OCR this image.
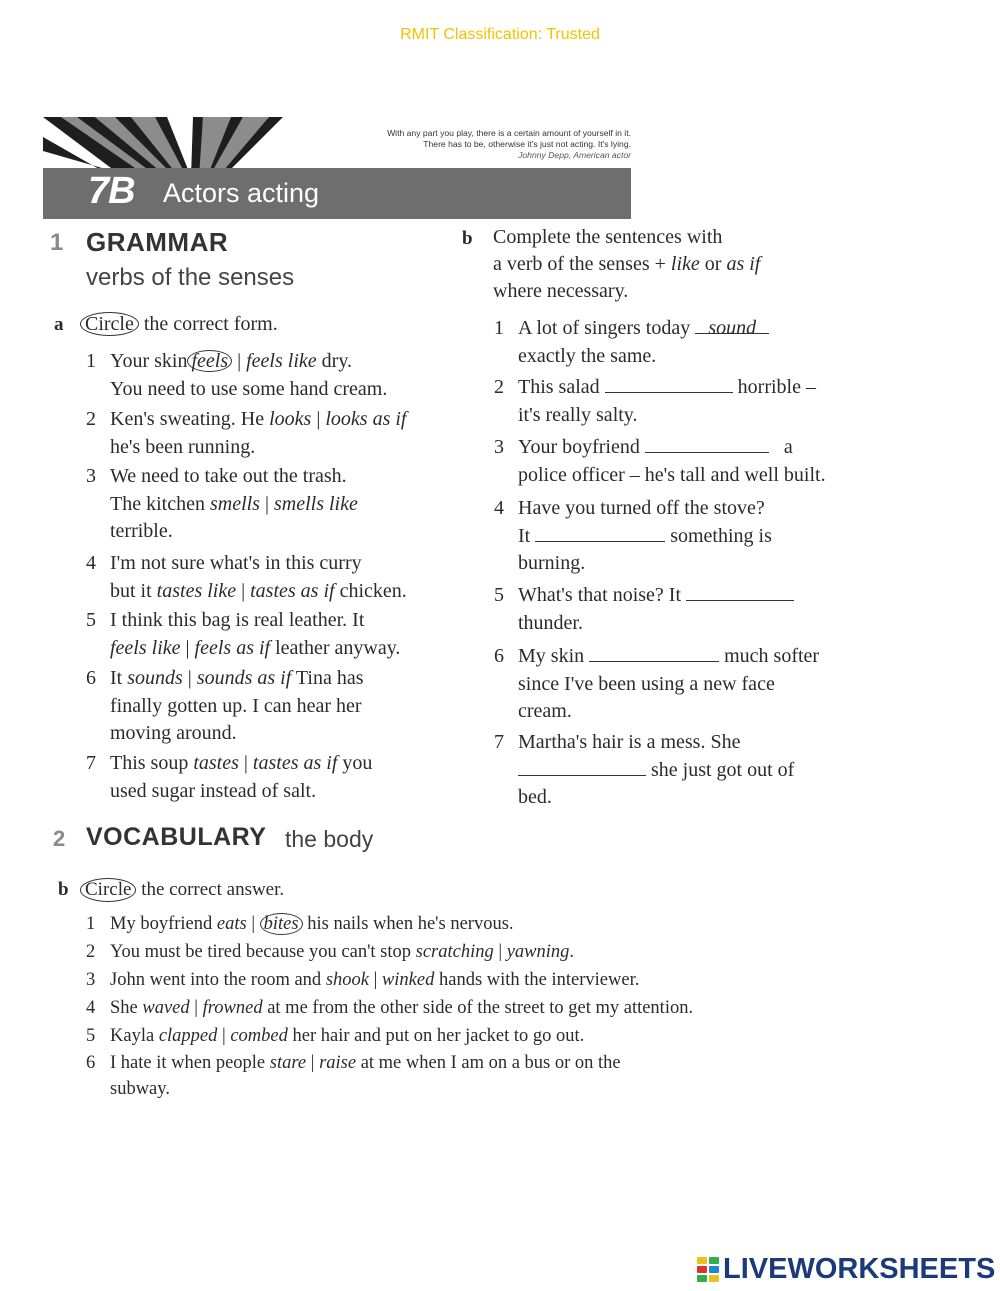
RMIT Classification: Trusted
7B Actors acting
With any part you play, there is a certain amount of yourself in it.
There has to be, otherwise it's just not acting. It's lying.
Johnny Depp, American actor
1 GRAMMAR
verbs of the senses
a Circle the correct form.
1 Your skin feels | feels like dry.
You need to use some hand cream.
2 Ken's sweating. He looks | looks as if
he's been running.
3 We need to take out the trash.
The kitchen smells | smells like
terrible.
4 I'm not sure what's in this curry
but it tastes like | tastes as if chicken.
5 I think this bag is real leather. It
feels like | feels as if leather anyway.
6 It sounds | sounds as if Tina has
finally gotten up. I can hear her
moving around.
7 This soup tastes | tastes as if you
used sugar instead of salt.
b Complete the sentences with
a verb of the senses + like or as if
where necessary.
1 A lot of singers today sound
exactly the same.
2 This salad	horrible –
it's really salty.
3 Your boyfriend	a
police officer – he's tall and well built.
4 Have you turned off the stove?
It	something is
burning.
5 What's that noise? It
thunder.
6 My skin	much softer
since I've been using a new face
cream.
7 Martha's hair is a mess. She
she just got out of
bed.
2 VOCABULARY the body
b Circle the correct answer.
1 My boyfriend eats | bites his nails when he's nervous.
2 You must be tired because you can't stop scratching | yawning.
3 John went into the room and shook | winked hands with the interviewer.
4 She waved | frowned at me from the other side of the street to get my attention.
5 Kayla clapped | combed her hair and put on her jacket to go out.
6 I hate it when people stare | raise at me when I am on a bus or on the
subway.
LIVEWORKSHEETS
